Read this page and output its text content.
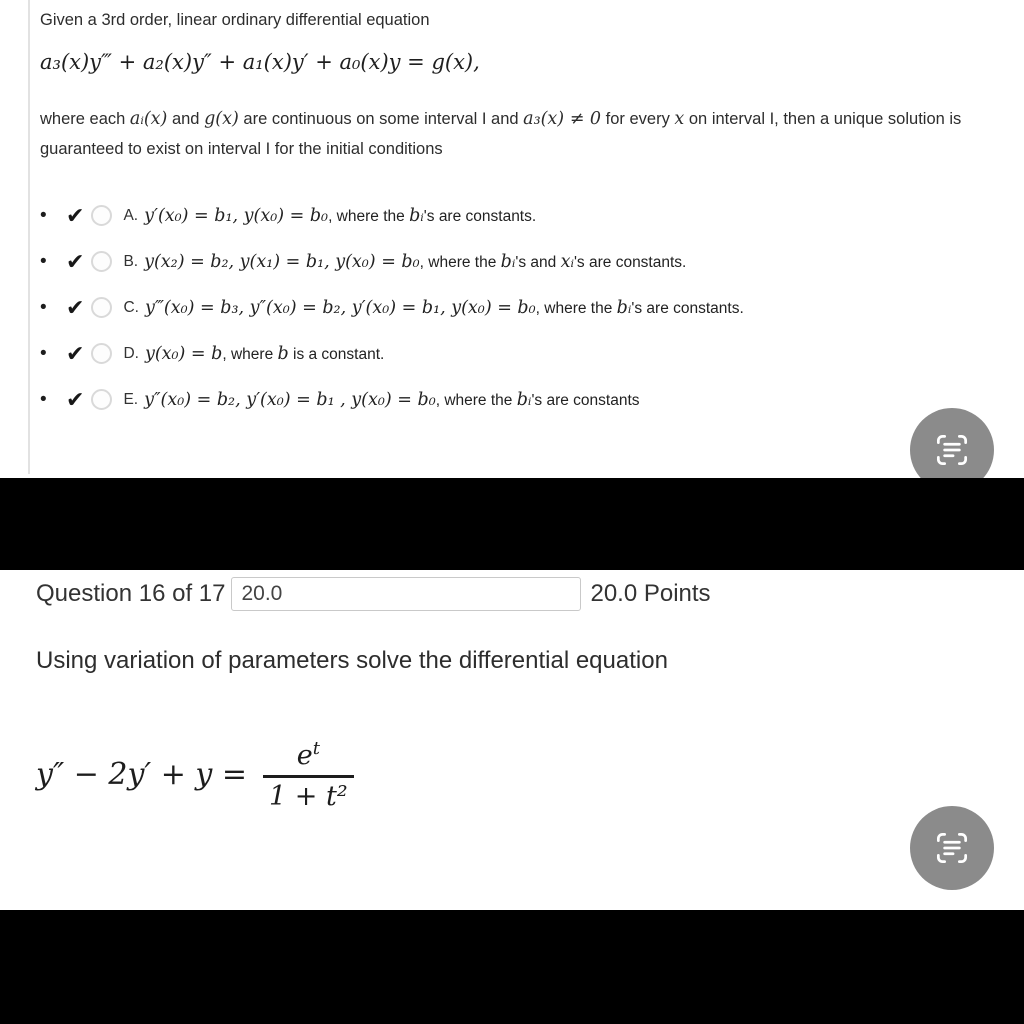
Given a 3rd order, linear ordinary differential equation
a₃(x)y‴ + a₂(x)y″ + a₁(x)y′ + a₀(x)y = g(x),
where each aᵢ(x) and g(x) are continuous on some interval I and a₃(x) ≠ 0 for every x on interval I, then a unique solution is guaranteed to exist on interval I for the initial conditions
• ✔	A. y′(x₀) = b₁, y(x₀) = b₀, where the bᵢ's are constants.
• ✔	B. y(x₂) = b₂, y(x₁) = b₁, y(x₀) = b₀, where the bᵢ's and xᵢ's are constants.
• ✔	C. y‴(x₀) = b₃, y″(x₀) = b₂, y′(x₀) = b₁, y(x₀) = b₀, where the bᵢ's are constants.
• ✔	D. y(x₀) = b, where b is a constant.
• ✔	E. y″(x₀) = b₂, y′(x₀) = b₁ , y(x₀) = b₀, where the bᵢ's are constants
Question 16 of 17
20.0	20.0 Points
Using variation of parameters solve the differential equation
$y'' - 2y' + y = \frac{e^t}{\text{1 + t²}}$
